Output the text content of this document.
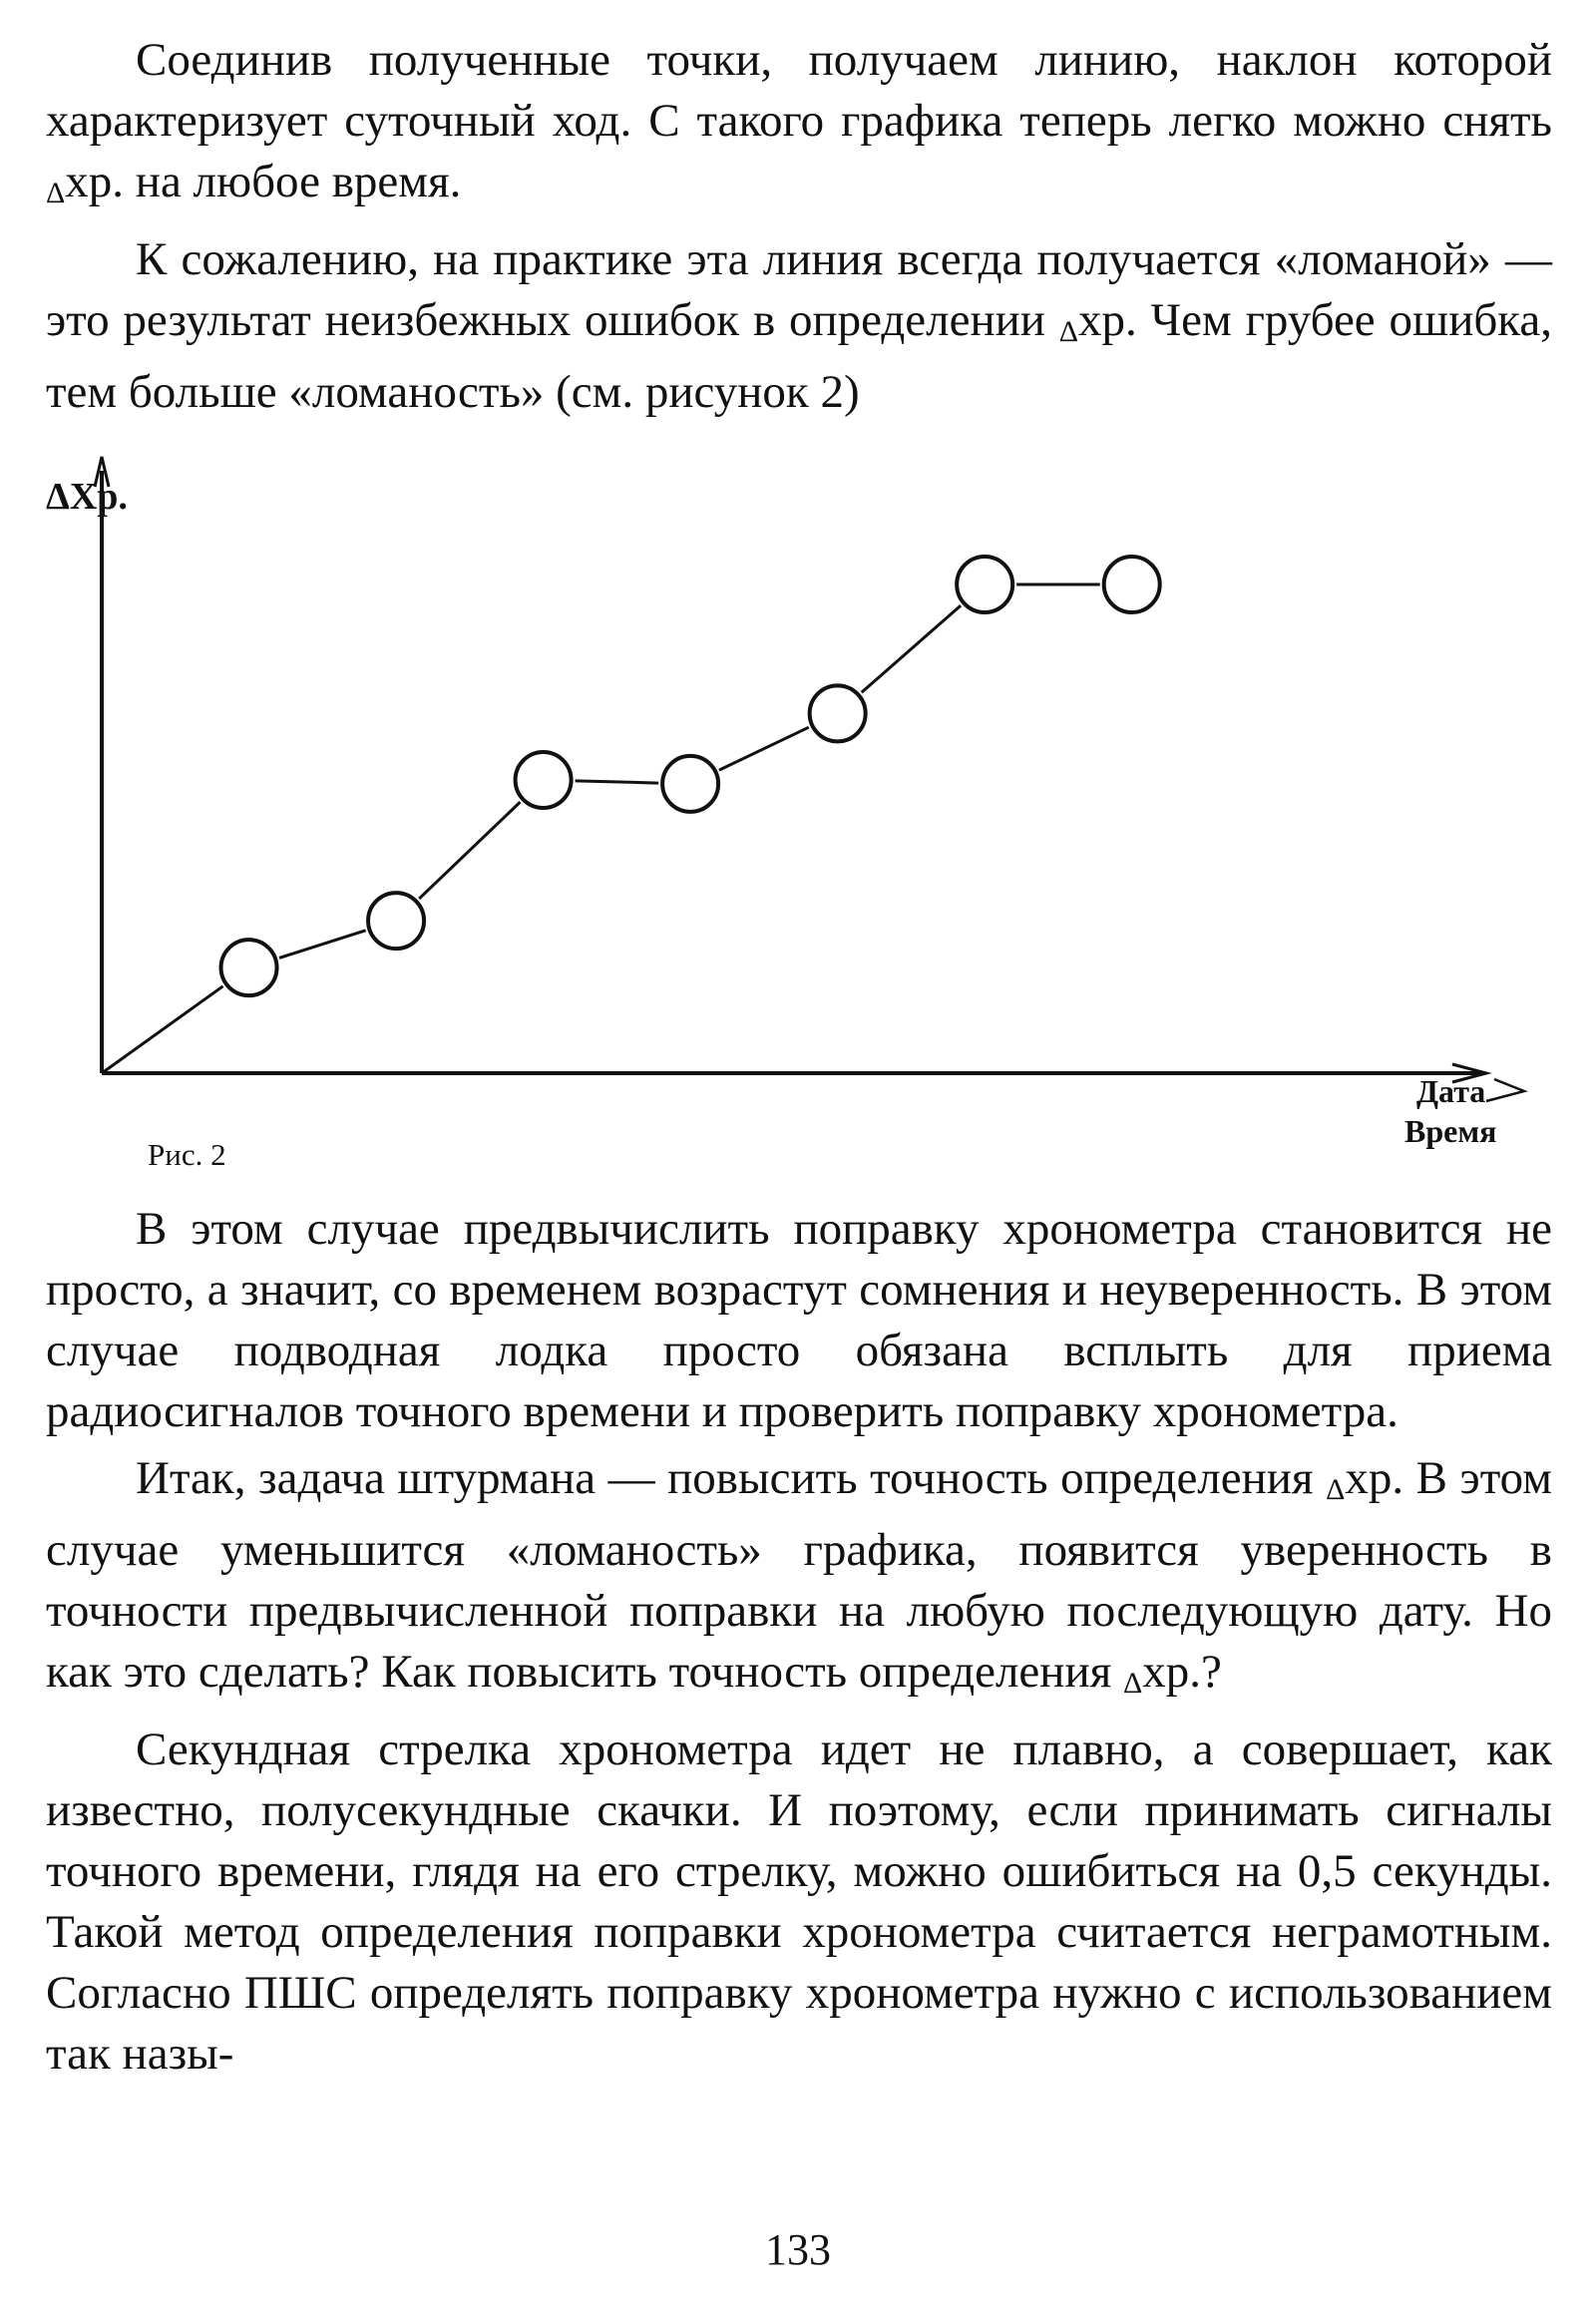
Соединив полученные точки, получаем линию, наклон которой характеризует суточный ход. С такого графика теперь легко можно снять Δхр. на любое время.

К сожалению, на практике эта линия всегда получается «ломаной» — это результат неизбежных ошибок в определении Δхр. Чем грубее ошибка, тем больше «ломаность» (см. рисунок 2)

ΔХр.
Дата
Время
Рис. 2

В этом случае предвычислить поправку хронометра становится не просто, а значит, со временем возрастут сомнения и неуверенность. В этом случае подводная лодка просто обязана всплыть для приема радиосигналов точного времени и проверить поправку хронометра.

Итак, задача штурмана — повысить точность определения Δхр. В этом случае уменьшится «ломаность» графика, появится уверенность в точности предвычисленной поправки на любую последующую дату. Но как это сделать? Как повысить точность определения Δхр.?

Секундная стрелка хронометра идет не плавно, а совершает, как известно, полусекундные скачки. И поэтому, если принимать сигналы точного времени, глядя на его стрелку, можно ошибиться на 0,5 секунды. Такой метод определения поправки хронометра считается неграмотным. Согласно ПШС определять поправку хронометра нужно с использованием так назы-

133
